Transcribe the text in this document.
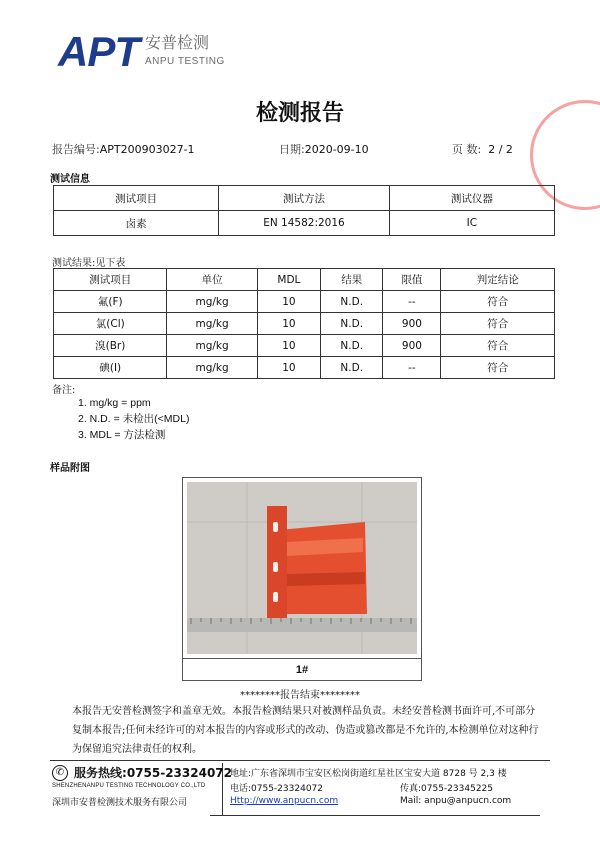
APT 安普检测
ANPU TESTING
检测报告
报告编号:APT200903027-1	日期:2020-09-10	页 数: 2 / 2
测试信息
测试项目	测试方法	测试仪器
卤素	EN 14582:2016	IC
测试结果:见下表
测试项目	单位	MDL	结果	限值	判定结论
氟(F)	mg/kg	10	N.D.	--	符合
氯(Cl)	mg/kg	10	N.D.	900	符合
溴(Br)	mg/kg	10	N.D.	900	符合
碘(I)	mg/kg	10	N.D.	--	符合
备注:
1. mg/kg = ppm
2. N.D. = 未检出(<MDL)
3. MDL = 方法检测
样品附图
1#
********报告结束********
本报告无安普检测签字和盖章无效。本报告检测结果只对被测样品负责。未经安普检测书面许可,不可部分复制本报告;任何未经许可的对本报告的内容或形式的改动、伪造或篡改都是不允许的,本检测单位对这种行为保留追究法律责任的权利。
✆ 服务热线: 0755-23324072
SHENZHENANPU TESTING TECHNOLOGY CO.,LTD
深圳市安普检测技术服务有限公司
地址:广东省深圳市宝安区松岗街道红星社区宝安大道 8728 号 2,3 楼
电话:0755-23324072	传真:0755-23345225
Http://www.anpucn.com	Mail: anpu@anpucn.com
